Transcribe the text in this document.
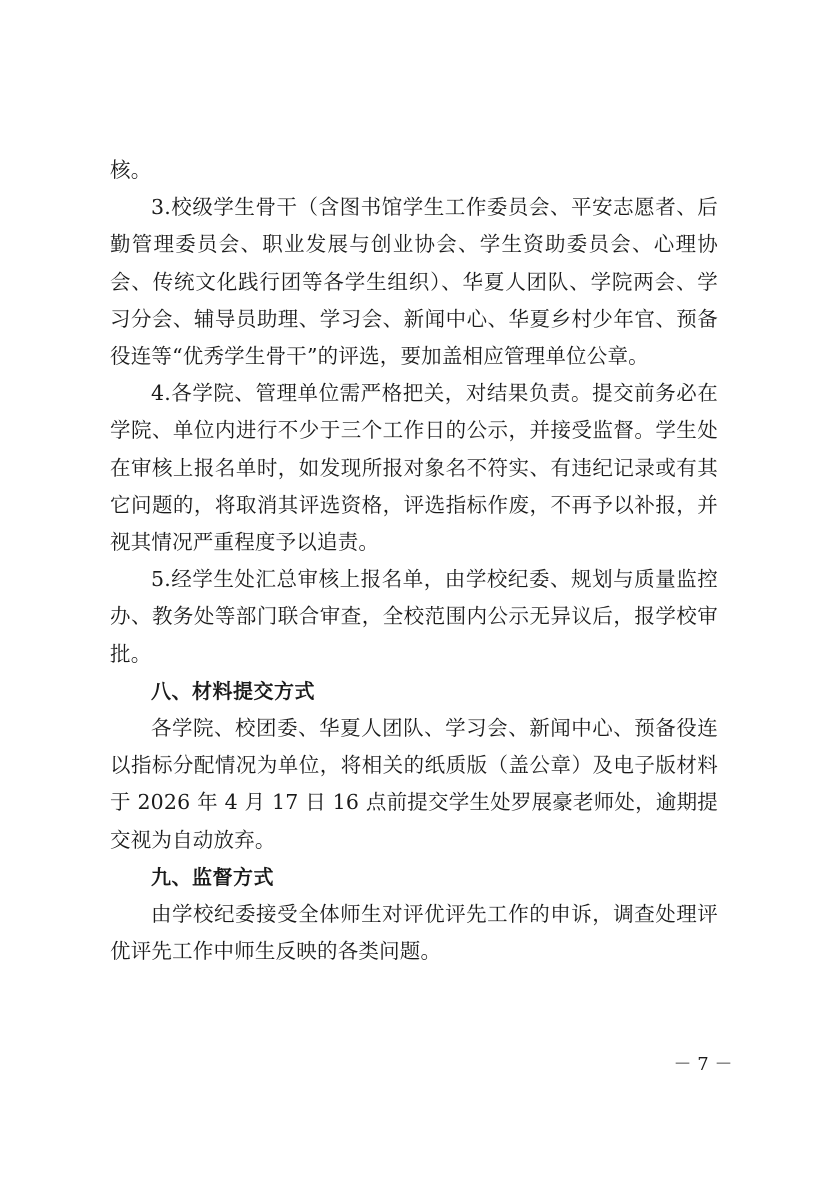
核。

3.校级学生骨干（含图书馆学生工作委员会、平安志愿者、后勤管理委员会、职业发展与创业协会、学生资助委员会、心理协会、传统文化践行团等各学生组织）、华夏人团队、学院两会、学习分会、辅导员助理、学习会、新闻中心、华夏乡村少年官、预备役连等“优秀学生骨干”的评选，要加盖相应管理单位公章。

4.各学院、管理单位需严格把关，对结果负责。提交前务必在学院、单位内进行不少于三个工作日的公示，并接受监督。学生处在审核上报名单时，如发现所报对象名不符实、有违纪记录或有其它问题的，将取消其评选资格，评选指标作废，不再予以补报，并视其情况严重程度予以追责。

5.经学生处汇总审核上报名单，由学校纪委、规划与质量监控办、教务处等部门联合审查，全校范围内公示无异议后，报学校审批。

八、材料提交方式

各学院、校团委、华夏人团队、学习会、新闻中心、预备役连以指标分配情况为单位，将相关的纸质版（盖公章）及电子版材料于 2026 年 4 月 17 日 16 点前提交学生处罗展豪老师处，逾期提交视为自动放弃。

九、监督方式

由学校纪委接受全体师生对评优评先工作的申诉，调查处理评优评先工作中师生反映的各类问题。

－ 7 －
